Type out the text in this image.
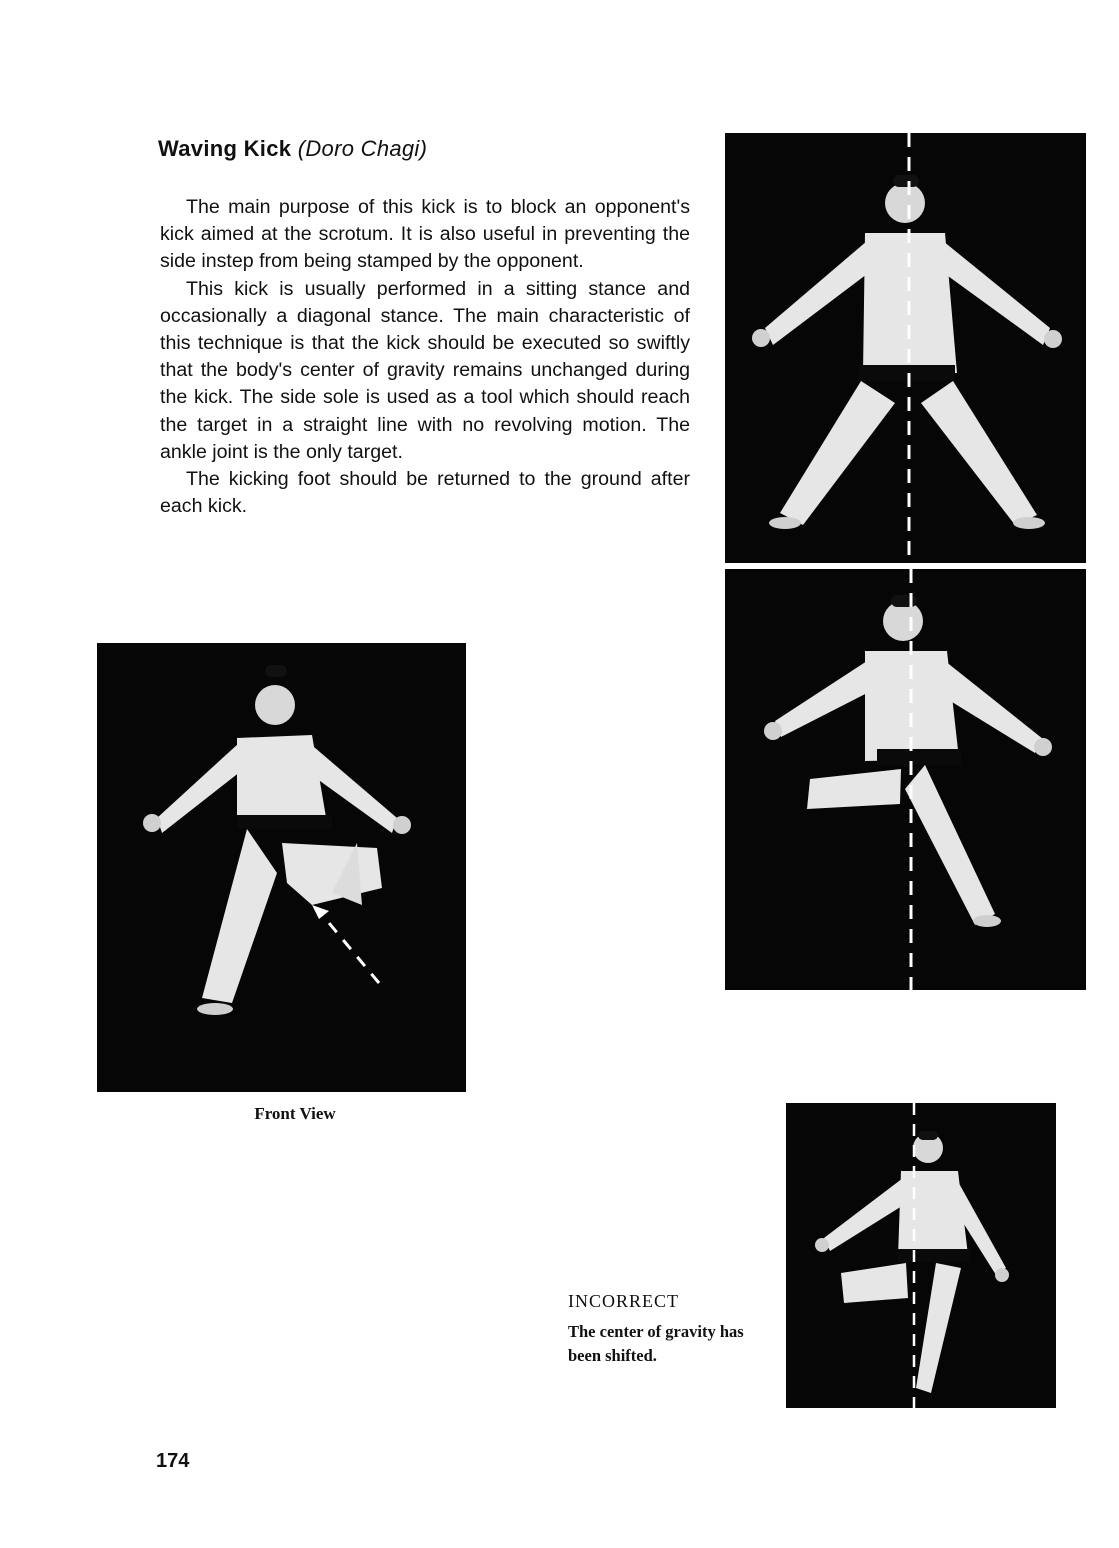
Waving Kick (Doro Chagi)

The main purpose of this kick is to block an opponent's kick aimed at the scrotum. It is also useful in preventing the side instep from being stamped by the opponent.

This kick is usually performed in a sitting stance and occasionally a diagonal stance. The main characteristic of this technique is that the kick should be executed so swiftly that the body's center of gravity remains unchanged during the kick. The side sole is used as a tool which should reach the target in a straight line with no revolving motion. The ankle joint is the only target.

The kicking foot should be returned to the ground after each kick.

Front View
INCORRECT
The center of gravity has been shifted.
174
